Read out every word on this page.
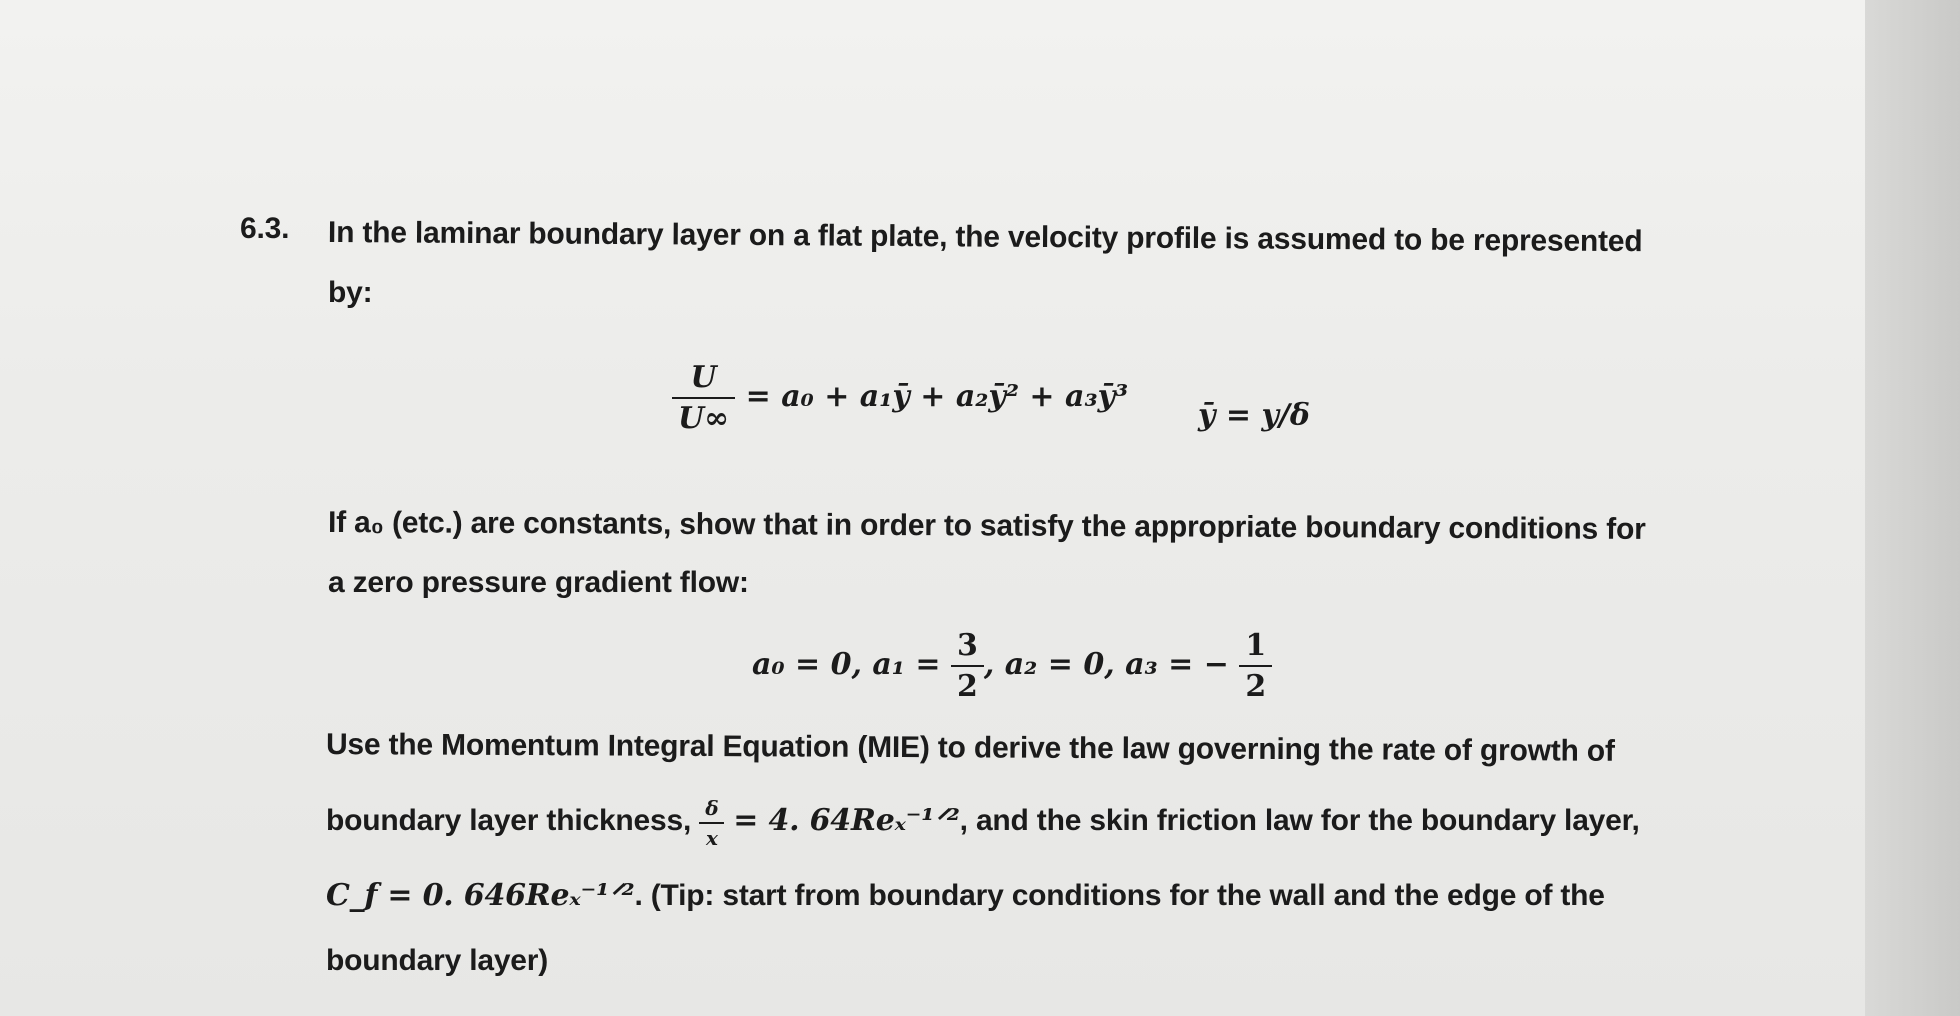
6.3. In the laminar boundary layer on a flat plate, the velocity profile is assumed to be represented
by:
$\frac{U}{U\infty} = a_0$ + a₁ȳ + a₂ȳ² + a₃ȳ³
ȳ = y/δ
If a₀ (etc.) are constants, show that in order to satisfy the appropriate boundary conditions for
a zero pressure gradient flow:
a₀ = 0, $a_1 = \frac{3}{2}$ , a₂ = 0, a₃ = − $\frac{1}{2}$
Use the Momentum Integral Equation (MIE) to derive the law governing the rate of growth of
boundary layer thickness, $\frac{\delta}{x} = 4$. 64Reₓ⁻¹ᐟ², and the skin friction law for the boundary layer,
C_f = 0. 646Reₓ⁻¹ᐟ². (Tip: start from boundary conditions for the wall and the edge of the
boundary layer)
